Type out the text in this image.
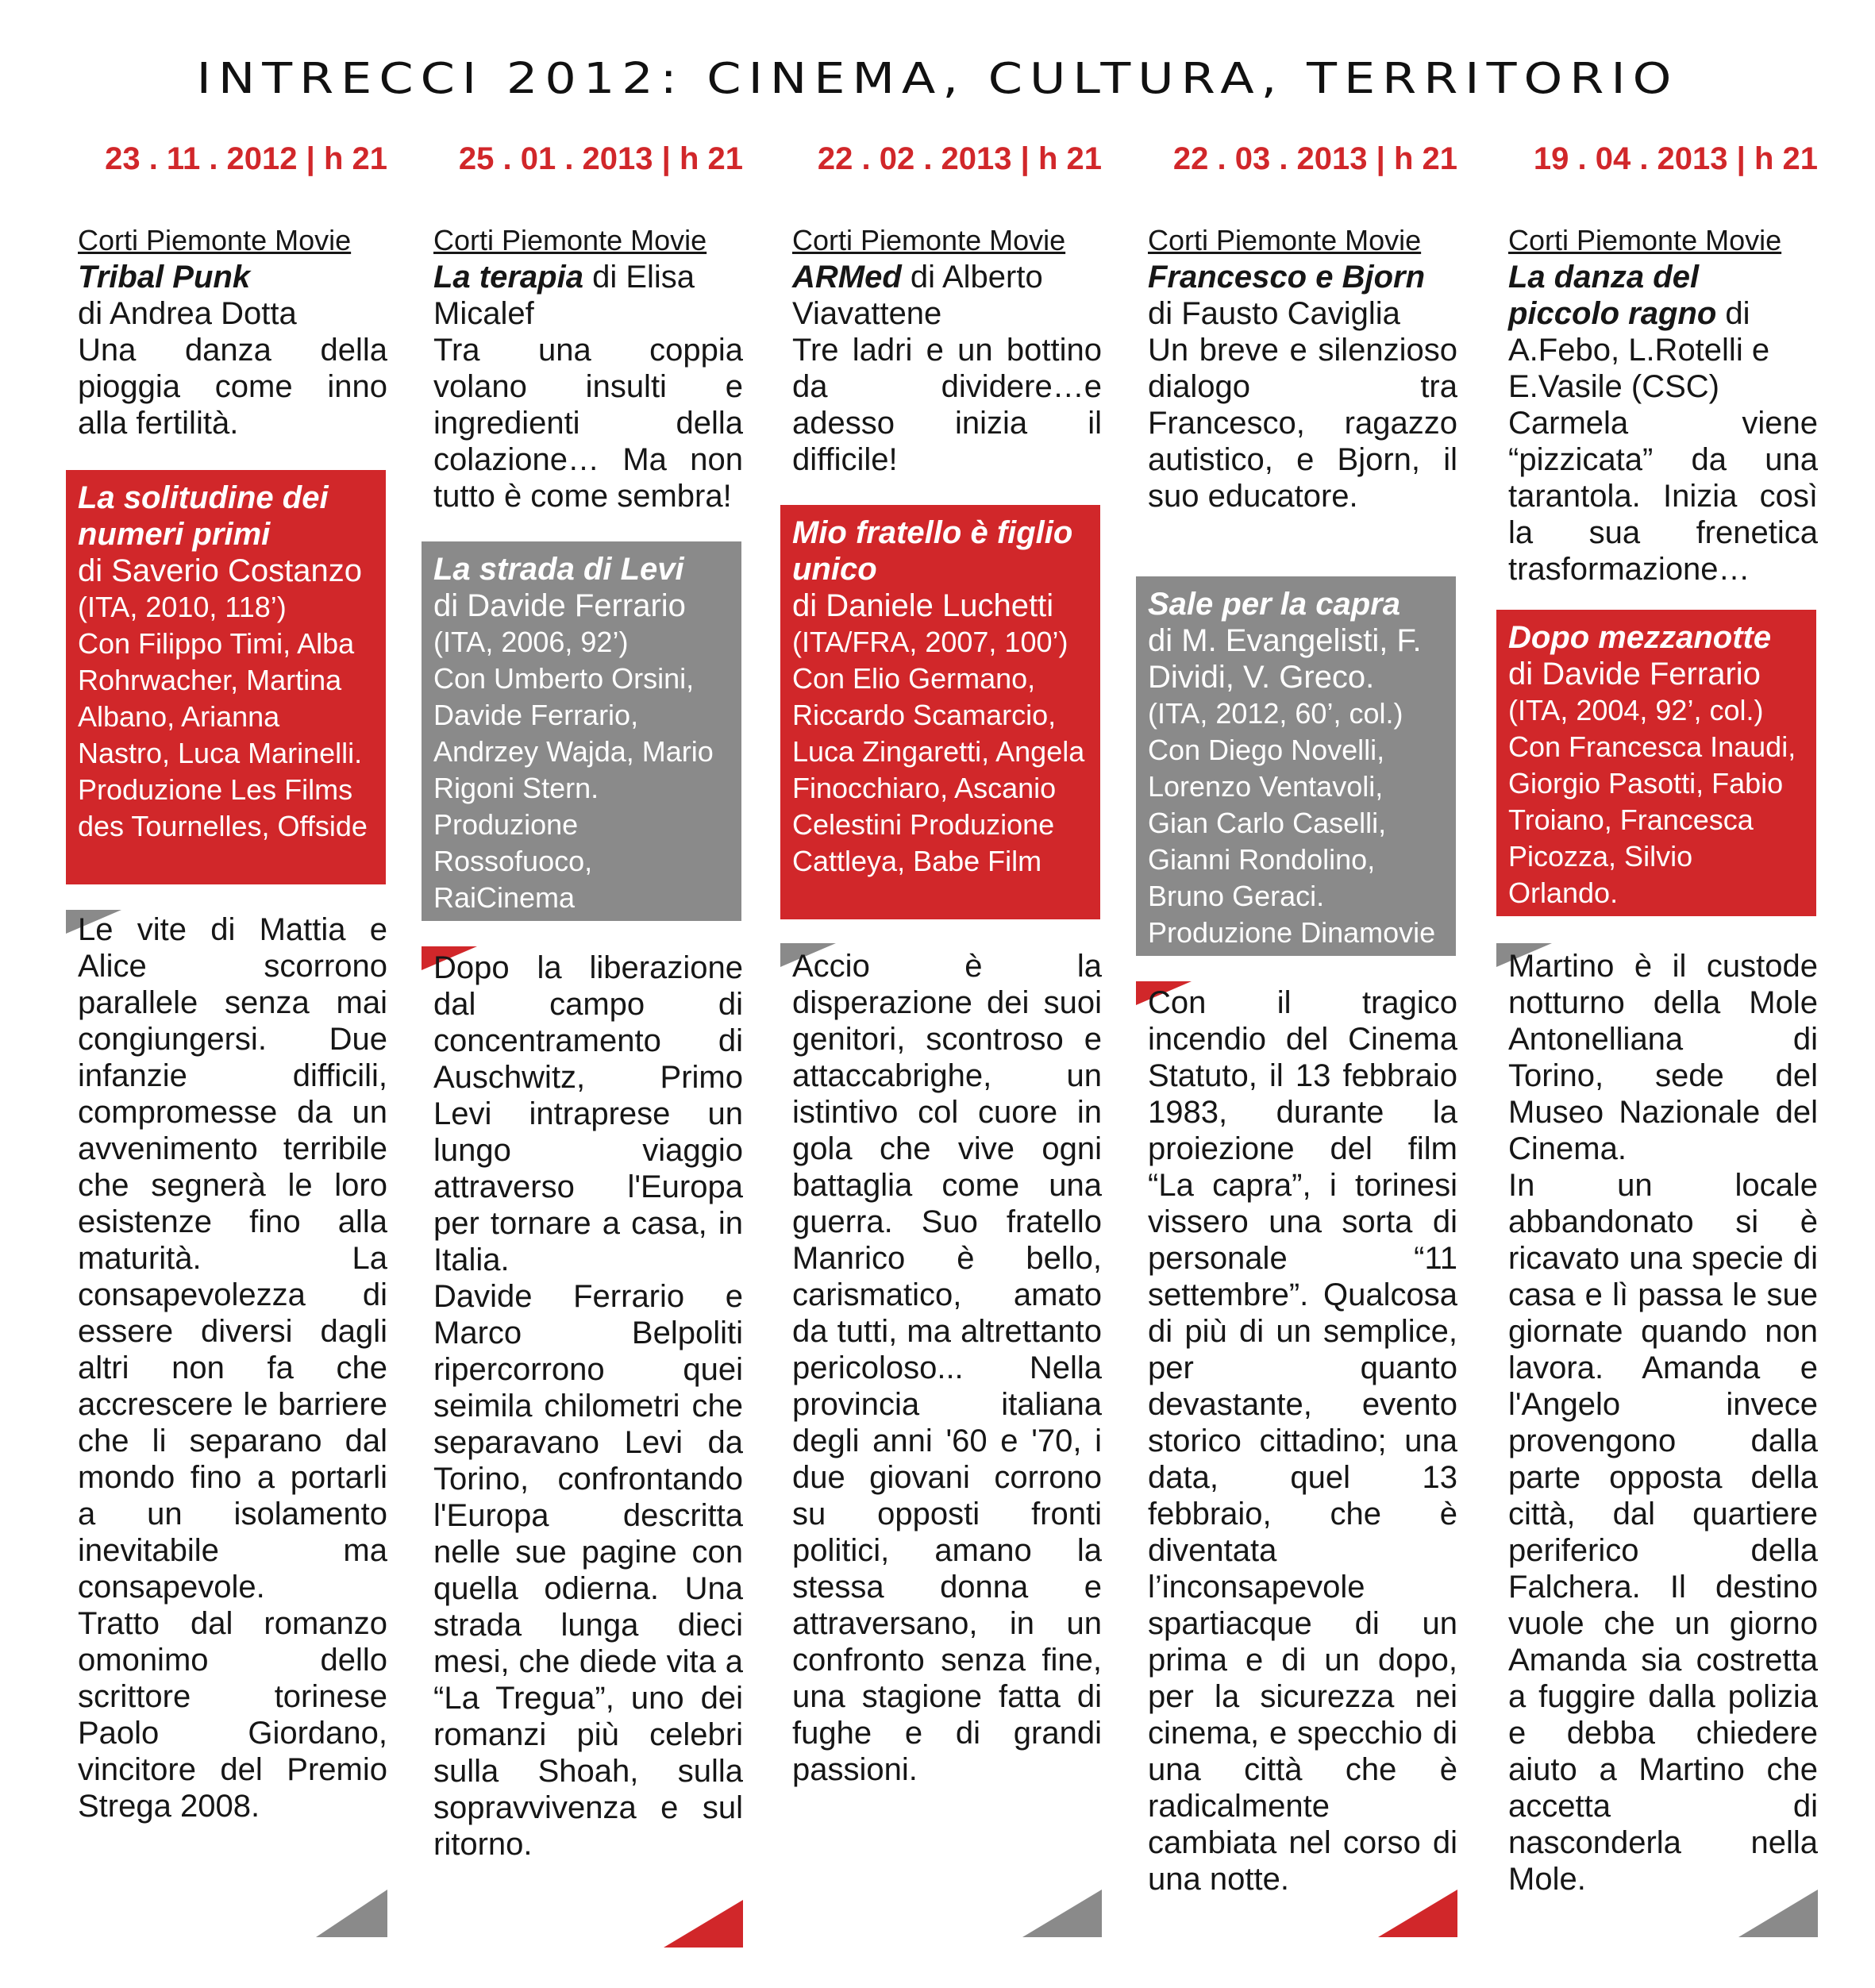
INTRECCI 2012: CINEMA, CULTURA, TERRITORIO
23 . 11 . 2012 | h 21
Corti Piemonte Movie
Tribal Punk
di Andrea Dotta

Una danza della pioggia come inno alla fertilità.

La solitudine dei numeri primi
di Saverio Costanzo
(ITA, 2010, 118’)
Con Filippo Timi, Alba Rohrwacher, Martina Albano, Arianna Nastro, Luca Marinelli. Produzione Les Films des Tournelles, Offside

Le vite di Mattia e Alice scorrono parallele senza mai congiungersi. Due infanzie difficili, compromesse da un avvenimento terribile che segnerà le loro esistenze fino alla maturità. La consapevolezza di essere diversi dagli altri non fa che accrescere le barriere che li separano dal mondo fino a portarli a un isolamento inevitabile ma consapevole.

Tratto dal romanzo omonimo dello scrittore torinese Paolo Giordano, vincitore del Premio Strega 2008.

25 . 01 . 2013 | h 21
Corti Piemonte Movie
La terapia di Elisa Micalef

Tra una coppia volano insulti e ingredienti della colazione… Ma non tutto è come sembra!

La strada di Levi
di Davide Ferrario
(ITA, 2006, 92’)
Con Umberto Orsini, Davide Ferrario, Andrzey Wajda, Mario Rigoni Stern. Produzione Rossofuoco, RaiCinema

Dopo la liberazione dal campo di concentramento di Auschwitz, Primo Levi intraprese un lungo viaggio attraverso l'Europa per tornare a casa, in Italia.

Davide Ferrario e Marco Belpoliti ripercorrono quei seimila chilometri che separavano Levi da Torino, confrontando l'Europa descritta nelle sue pagine con quella odierna. Una strada lunga dieci mesi, che diede vita a “La Tregua”, uno dei romanzi più celebri sulla Shoah, sulla sopravvivenza e sul ritorno.

22 . 02 . 2013 | h 21
Corti Piemonte Movie
ARMed di Alberto Viavattene

Tre ladri e un bottino da dividere…e adesso inizia il difficile!

Mio fratello è figlio unico
di Daniele Luchetti
(ITA/FRA, 2007, 100’)
Con Elio Germano, Riccardo Scamarcio, Luca Zingaretti, Angela Finocchiaro, Ascanio Celestini Produzione Cattleya, Babe Film

Accio è la disperazione dei suoi genitori, scontroso e attaccabrighe, un istintivo col cuore in gola che vive ogni battaglia come una guerra. Suo fratello Manrico è bello, carismatico, amato da tutti, ma altrettanto pericoloso... Nella provincia italiana degli anni '60 e '70, i due giovani corrono su opposti fronti politici, amano la stessa donna e attraversano, in un confronto senza fine, una stagione fatta di fughe e di grandi passioni.

22 . 03 . 2013 | h 21
Corti Piemonte Movie
Francesco e Bjorn
di Fausto Caviglia

Un breve e silenzioso dialogo tra Francesco, ragazzo autistico, e Bjorn, il suo educatore.

Sale per la capra
di M. Evangelisti, F. Dividi, V. Greco.
(ITA, 2012, 60’, col.)
Con Diego Novelli, Lorenzo Ventavoli, Gian Carlo Caselli, Gianni Rondolino, Bruno Geraci. Produzione Dinamovie

Con il tragico incendio del Cinema Statuto, il 13 febbraio 1983, durante la proiezione del film “La capra”, i torinesi vissero una sorta di personale “11 settembre”. Qualcosa di più di un semplice, per quanto devastante, evento storico cittadino; una data, quel 13 febbraio, che è diventata l’inconsapevole spartiacque di un prima e di un dopo, per la sicurezza nei cinema, e specchio di una città che è radicalmente cambiata nel corso di una notte.

19 . 04 . 2013 | h 21
Corti Piemonte Movie
La danza del piccolo ragno di A.Febo, L.Rotelli e E.Vasile (CSC)

Carmela viene “pizzicata” da una tarantola. Inizia così la sua frenetica trasformazione…

Dopo mezzanotte
di Davide Ferrario
(ITA, 2004, 92’, col.)
Con Francesca Inaudi, Giorgio Pasotti, Fabio Troiano, Francesca Picozza, Silvio Orlando.

Martino è il custode notturno della Mole Antonelliana di Torino, sede del Museo Nazionale del Cinema.

In un locale abbandonato si è ricavato una specie di casa e lì passa le sue giornate quando non lavora. Amanda e l'Angelo invece provengono dalla parte opposta della città, dal quartiere periferico della Falchera. Il destino vuole che un giorno Amanda sia costretta a fuggire dalla polizia e debba chiedere aiuto a Martino che accetta di nasconderla nella Mole.
